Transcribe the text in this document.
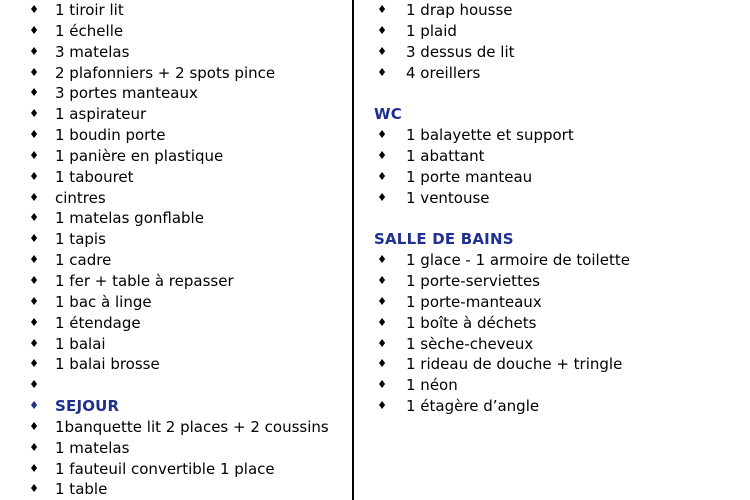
♦ 1 tiroir lit
♦ 1 échelle
♦ 3 matelas
♦ 2 plafonniers + 2 spots pince
♦ 3 portes manteaux
♦ 1 aspirateur
♦ 1 boudin porte
♦ 1 panière en plastique
♦ 1 tabouret
♦ cintres
♦ 1 matelas gonflable
♦ 1 tapis
♦ 1 cadre
♦ 1 fer + table à repasser
♦ 1 bac à linge
♦ 1 étendage
♦ 1 balai
♦ 1 balai brosse
♦
♦ SEJOUR
♦ 1banquette lit 2 places + 2 coussins
♦ 1 matelas
♦ 1 fauteuil convertible 1 place
♦ 1 table
♦ 1 drap housse
♦ 1 plaid
♦ 3 dessus de lit
♦ 4 oreillers
WC
♦ 1 balayette et support
♦ 1 abattant
♦ 1 porte manteau
♦ 1 ventouse
SALLE DE BAINS
♦ 1 glace - 1 armoire de toilette
♦ 1 porte-serviettes
♦ 1 porte-manteaux
♦ 1 boîte à déchets
♦ 1 sèche-cheveux
♦ 1 rideau de douche + tringle
♦ 1 néon
♦ 1 étagère d’angle
